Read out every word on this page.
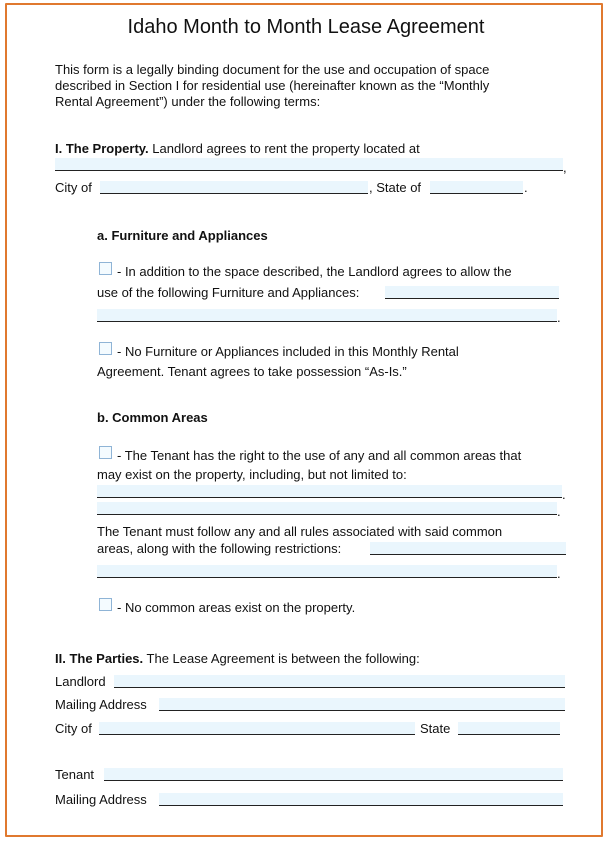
Idaho Month to Month Lease Agreement
This form is a legally binding document for the use and occupation of space
described in Section I for residential use (hereinafter known as the “Monthly
Rental Agreement”) under the following terms:
I. The Property. Landlord agrees to rent the property located at
,
City of	, State of	.
a. Furniture and Appliances
- In addition to the space described, the Landlord agrees to allow the
use of the following Furniture and Appliances:
.
- No Furniture or Appliances included in this Monthly Rental
Agreement. Tenant agrees to take possession “As-Is.”
b. Common Areas
- The Tenant has the right to the use of any and all common areas that
may exist on the property, including, but not limited to:
.
.
The Tenant must follow any and all rules associated with said common
areas, along with the following restrictions:
.
- No common areas exist on the property.
II. The Parties. The Lease Agreement is between the following:
Landlord
Mailing Address
City of	State
Tenant
Mailing Address
